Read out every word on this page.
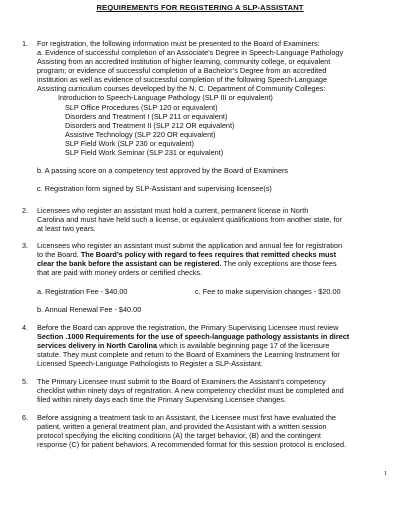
REQUIREMENTS FOR REGISTERING A SLP-ASSISTANT
1. For registration, the following information must be presented to the Board of Examiners:
a. Evidence of successful completion of an Associate’s Degree in Speech-Language Pathology
Assisting from an accredited institution of higher learning, community college, or equivalent
program; or evidence of successful completion of a Bachelor’s Degree from an accredited
institution as well as evidence of successful completion of the following Speech-Language
Assisting curriculum courses developed by the N. C. Department of Community Colleges:
Introduction to Speech-Language Pathology (SLP III or equivalent)
SLP Office Procedures (SLP 120 or equivalent)
Disorders and Treatment I (SLP 211 or equivalent)
Disorders and Treatment II (SLP 212 OR equivalent)
Assistive Technology (SLP 220 OR equivalent)
SLP Field Work (SLP 230 or equivalent)
SLP Field Work Seminar (SLP 231 or equivalent)
b. A passing score on a competency test approved by the Board of Examiners
c. Registration form signed by SLP-Assistant and supervising licensee(s)
2. Licensees who register an assistant must hold a current, permanent license in North
Carolina and must have held such a license, or equivalent qualifications from another state, for
at least two years.
3. Licensees who register an assistant must submit the application and annual fee for registration
to the Board. The Board’s policy with regard to fees requires that remitted checks must
clear the bank before the assistant can be registered. The only exceptions are those fees
that are paid with money orders or certified checks.
a. Registration Fee - $40.00	c. Fee to make supervision changes - $20.00
b. Annual Renewal Fee - $40.00
4. Before the Board can approve the registration, the Primary Supervising Licensee must review
Section .1000 Requirements for the use of speech-language pathology assistants in direct
services delivery in North Carolina which is available beginning page 17 of the licensure
statute. They must complete and return to the Board of Examiners the Learning Instrument for
Licensed Speech-Language Pathologists to Register a SLP-Assistant.
5. The Primary Licensee must submit to the Board of Examiners the Assistant’s competency
checklist within ninety days of registration. A new competency checklist must be completed and
filed within ninety days each time the Primary Supervising Licensee changes.
6. Before assigning a treatment task to an Assistant, the Licensee must first have evaluated the
patient, written a general treatment plan, and provided the Assistant with a written session
protocol specifying the eliciting conditions (A) the target behavior, (B) and the contingent
response (C) for patient behaviors. A recommended format for this session protocol is enclosed.
1
